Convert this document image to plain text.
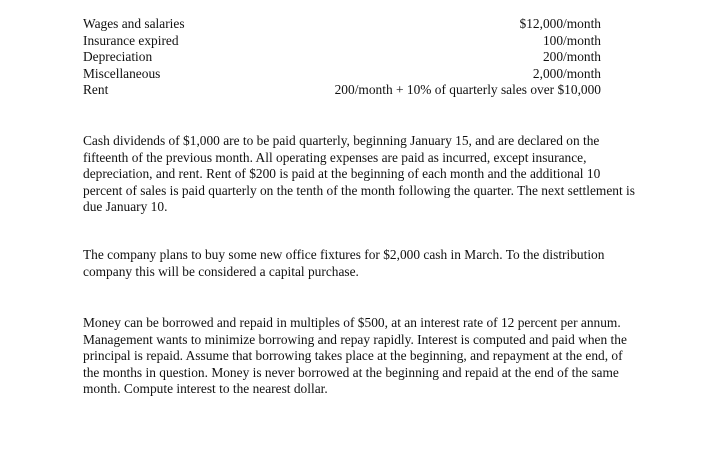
Wages and salaries	$12,000/month
Insurance expired	100/month
Depreciation	200/month
Miscellaneous	2,000/month
Rent	200/month + 10% of quarterly sales over $10,000

Cash dividends of $1,000 are to be paid quarterly, beginning January 15, and are declared on the fifteenth of the previous month. All operating expenses are paid as incurred, except insurance, depreciation, and rent. Rent of $200 is paid at the beginning of each month and the additional 10 percent of sales is paid quarterly on the tenth of the month following the quarter. The next settlement is due January 10.

The company plans to buy some new office fixtures for $2,000 cash in March. To the distribution company this will be considered a capital purchase.

Money can be borrowed and repaid in multiples of $500, at an interest rate of 12 percent per annum. Management wants to minimize borrowing and repay rapidly. Interest is computed and paid when the principal is repaid. Assume that borrowing takes place at the beginning, and repayment at the end, of the months in question. Money is never borrowed at the beginning and repaid at the end of the same month. Compute interest to the nearest dollar.
